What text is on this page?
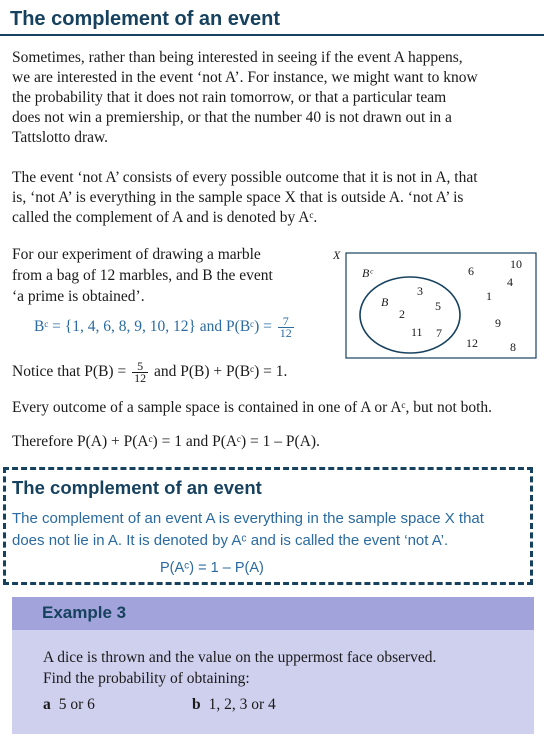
The complement of an event

Sometimes, rather than being interested in seeing if the event A happens,
we are interested in the event ‘not A’. For instance, we might want to know
the probability that it does not rain tomorrow, or that a particular team
does not win a premiership, or that the number 40 is not drawn out in a
Tattslotto draw.

The event ‘not A’ consists of every possible outcome that it is not in A, that
is, ‘not A’ is everything in the sample space X that is outside A. ‘not A’ is
called the complement of A and is denoted by Aᶜ.

For our experiment of drawing a marble
from a bag of 12 marbles, and B the event
‘a prime is obtained’.

Bᶜ = {1, 4, 6, 8, 9, 10, 12} and P(Bᶜ) = $\frac{7}{12}$
X
Bᶜ
B
3
2
5
11 7
10
6
4
1
9
12	8
Notice that $P(B) = \frac{5}{12}$ and P(B) + P(Bᶜ) = 1.

Every outcome of a sample space is contained in one of A or Aᶜ, but not both.

Therefore P(A) + P(Aᶜ) = 1 and P(Aᶜ) = 1 – P(A).

The complement of an event

The complement of an event A is everything in the sample space X that
does not lie in A. It is denoted by Aᶜ and is called the event ‘not A’.

P(Aᶜ) = 1 – P(A)
Example 3

A dice is thrown and the value on the uppermost face observed.
Find the probability of obtaining:

a 5 or 6	b 1, 2, 3 or 4
